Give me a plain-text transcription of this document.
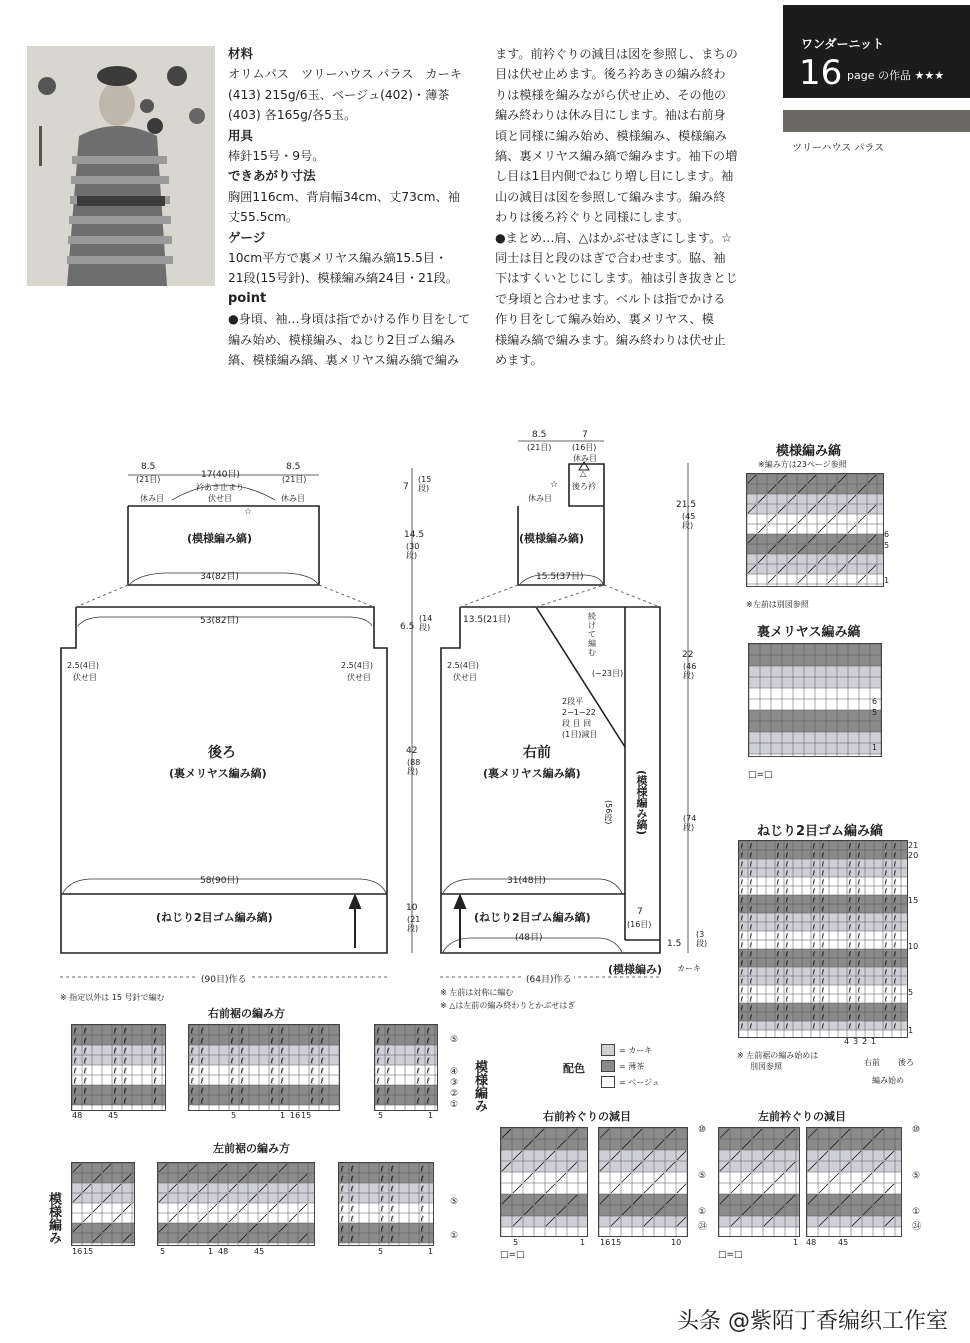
材料
オリムパス　ツリーハウス パラス　カーキ
(413) 215g/6玉、ベージュ(402)・薄茶
(403) 各165g/各5玉。
用具
棒針15号・9号。
できあがり寸法
胸囲116cm、背肩幅34cm、丈73cm、袖
丈55.5cm。
ゲージ
10cm平方で裏メリヤス編み縞15.5目・
21段(15号針)、模様編み縞24目・21段。
point
●身頃、袖…身頃は指でかける作り目をして
編み始め、模様編み、ねじり2目ゴム編み
縞、模様編み縞、裏メリヤス編み縞で編み
ます。前衿ぐりの減目は図を参照し、まちの
目は伏せ止めます。後ろ衿あきの編み終わ
りは模様を編みながら伏せ止め、その他の
編み終わりは休み目にします。袖は右前身
頃と同様に編み始め、模様編み、模様編み
縞、裏メリヤス編み縞で編みます。袖下の増
し目は1目内側でねじり増し目にします。袖
山の減目は図を参照して編みます。編み終
わりは後ろ衿ぐりと同様にします。
●まとめ…肩、△はかぶせはぎにします。☆
同士は目と段のはぎで合わせます。脇、袖
下はすくいとじにします。袖は引き抜きとじ
で身頃と合わせます。ベルトは指でかける
作り目をして編み始め、裏メリヤス、模
様編み縞で編みます。編み終わりは伏せ止
めます。
ワンダーニット
16 page の作品 ★★★
ツリーハウス パラス
8.5
(21目)	17(40目)
8.5
(21目)
衿あき止まり
伏せ目
休み目	休み目
☆
(模様編み縞)
34(82目)
53(82目)
2.5(4目)
伏せ目
2.5(4目)
伏せ目
後ろ
(裏メリヤス編み縞)
58(90目)
(ねじり2目ゴム編み縞)
(90目)作る
7
(15段)
14.5
(30段)
6.5
(14段)
42
(88段)
10
(21段)
8.5
(21目)
7
(16目)
休み目
休み目
☆
△
後ろ衿
(模様編み縞)
15.5(37目)
13.5(21目)	続
け
て
編
む
(−23目)
2.5(4目)
伏せ目
2段平
2−1−22
段 目 回
(1目)減目
右前
(裏メリヤス編み縞)	(模様編み縞)
(56段)
31(48目)
(ねじり2目ゴム編み縞)
(48目)
7
(16目)
(模様編み) カーキ
(64目)作る
21.5
(45段)
22
(46段)
(74段)
1.5
(3段)
※ 指定以外は 15 号針で編む
※ 左前は対称に編む
※ △は左前の編み終わりとかぶせはぎ
模様編み縞
※編み方は23ページ参照
6
5
1
※左前は別図参照
裏メリヤス編み縞
6
5
1
□=□
ねじり2目ゴム編み縞
ℓ ℓ	ℓ ℓ	ℓ ℓ	ℓ ℓ	ℓ ℓ
ℓ ℓ	ℓ ℓ	ℓ ℓ	ℓ ℓ	ℓ ℓ
ℓ ℓ	ℓ ℓ	ℓ ℓ	ℓ ℓ	ℓ ℓ
ℓ ℓ	ℓ ℓ	ℓ ℓ	ℓ ℓ	ℓ ℓ
ℓ ℓ	ℓ ℓ	ℓ ℓ	ℓ ℓ	ℓ ℓ
ℓ ℓ	ℓ ℓ	ℓ ℓ	ℓ ℓ	ℓ ℓ
ℓ ℓ	ℓ ℓ	ℓ ℓ	ℓ ℓ	ℓ ℓ
ℓ ℓ	ℓ ℓ	ℓ ℓ	ℓ ℓ	ℓ ℓ
ℓ ℓ	ℓ ℓ	ℓ ℓ	ℓ ℓ	ℓ ℓ
ℓ ℓ	ℓ ℓ	ℓ ℓ	ℓ ℓ	ℓ ℓ
ℓ ℓ	ℓ ℓ	ℓ ℓ	ℓ ℓ	ℓ ℓ
ℓ ℓ	ℓ ℓ	ℓ ℓ	ℓ ℓ	ℓ ℓ
ℓ ℓ	ℓ ℓ	ℓ ℓ	ℓ ℓ	ℓ ℓ
ℓ ℓ	ℓ ℓ	ℓ ℓ	ℓ ℓ	ℓ ℓ
ℓ ℓ	ℓ ℓ	ℓ ℓ	ℓ ℓ	ℓ ℓ
ℓ ℓ	ℓ ℓ	ℓ ℓ	ℓ ℓ	ℓ ℓ
ℓ ℓ	ℓ ℓ	ℓ ℓ	ℓ ℓ	ℓ ℓ
ℓ ℓ	ℓ ℓ	ℓ ℓ	ℓ ℓ	ℓ ℓ
ℓ ℓ	ℓ ℓ	ℓ ℓ	ℓ ℓ	ℓ ℓ
ℓ ℓ	ℓ ℓ	ℓ ℓ	ℓ ℓ	ℓ ℓ
ℓ ℓ	ℓ ℓ	ℓ ℓ	ℓ ℓ	ℓ ℓ
21
20
15
10
5
1
4 3 2 1
※ 左前裾の編み始めは
別図参照	右前 後ろ
編み始め
右前裾の編み方
ℓ ℓ	ℓ ℓ	ℓ
ℓ ℓ	ℓ ℓ	ℓ
ℓ ℓ	ℓ ℓ	ℓ
ℓ ℓ	ℓ ℓ	ℓ
ℓ ℓ	ℓ ℓ	ℓ
ℓ ℓ	ℓ ℓ	ℓ
ℓ ℓ	ℓ ℓ	ℓ
ℓ ℓ	ℓ ℓ	ℓ
ℓ ℓ	ℓ ℓ	ℓ ℓ	ℓ ℓ
ℓ ℓ	ℓ ℓ	ℓ ℓ	ℓ ℓ
ℓ ℓ	ℓ ℓ	ℓ ℓ	ℓ ℓ
ℓ ℓ	ℓ ℓ	ℓ ℓ	ℓ ℓ
ℓ ℓ	ℓ ℓ	ℓ ℓ	ℓ ℓ
ℓ ℓ	ℓ ℓ	ℓ ℓ	ℓ ℓ
ℓ ℓ	ℓ ℓ	ℓ ℓ	ℓ ℓ
ℓ ℓ	ℓ ℓ	ℓ ℓ	ℓ ℓ
ℓ ℓ	ℓ ℓ
ℓ ℓ	ℓ ℓ
ℓ ℓ	ℓ ℓ
ℓ ℓ	ℓ ℓ
ℓ ℓ	ℓ ℓ
ℓ ℓ	ℓ ℓ
ℓ ℓ	ℓ ℓ
ℓ ℓ	ℓ ℓ
48	45	5	1 16 15	5	1
⑤
④
③
②
① 模様編み
左前裾の編み方
ℓ ℓ	ℓ ℓ	ℓ
ℓ ℓ	ℓ ℓ	ℓ
ℓ ℓ	ℓ ℓ	ℓ
ℓ ℓ	ℓ ℓ	ℓ
ℓ ℓ	ℓ ℓ	ℓ
ℓ ℓ	ℓ ℓ	ℓ
ℓ ℓ	ℓ ℓ	ℓ
ℓ ℓ	ℓ ℓ	ℓ
16 15	5	1 48	45	5	1
⑤
①
模様編み
配色
= カーキ
= 薄茶
= ベージュ
右前衿ぐりの減目
5	1 16 15	10
⑩
⑤
①
㉔
□=□
左前衿ぐりの減目
1 48	45
⑩
⑤
①
㉔
□=□
头条 @紫陌丁香编织工作室
